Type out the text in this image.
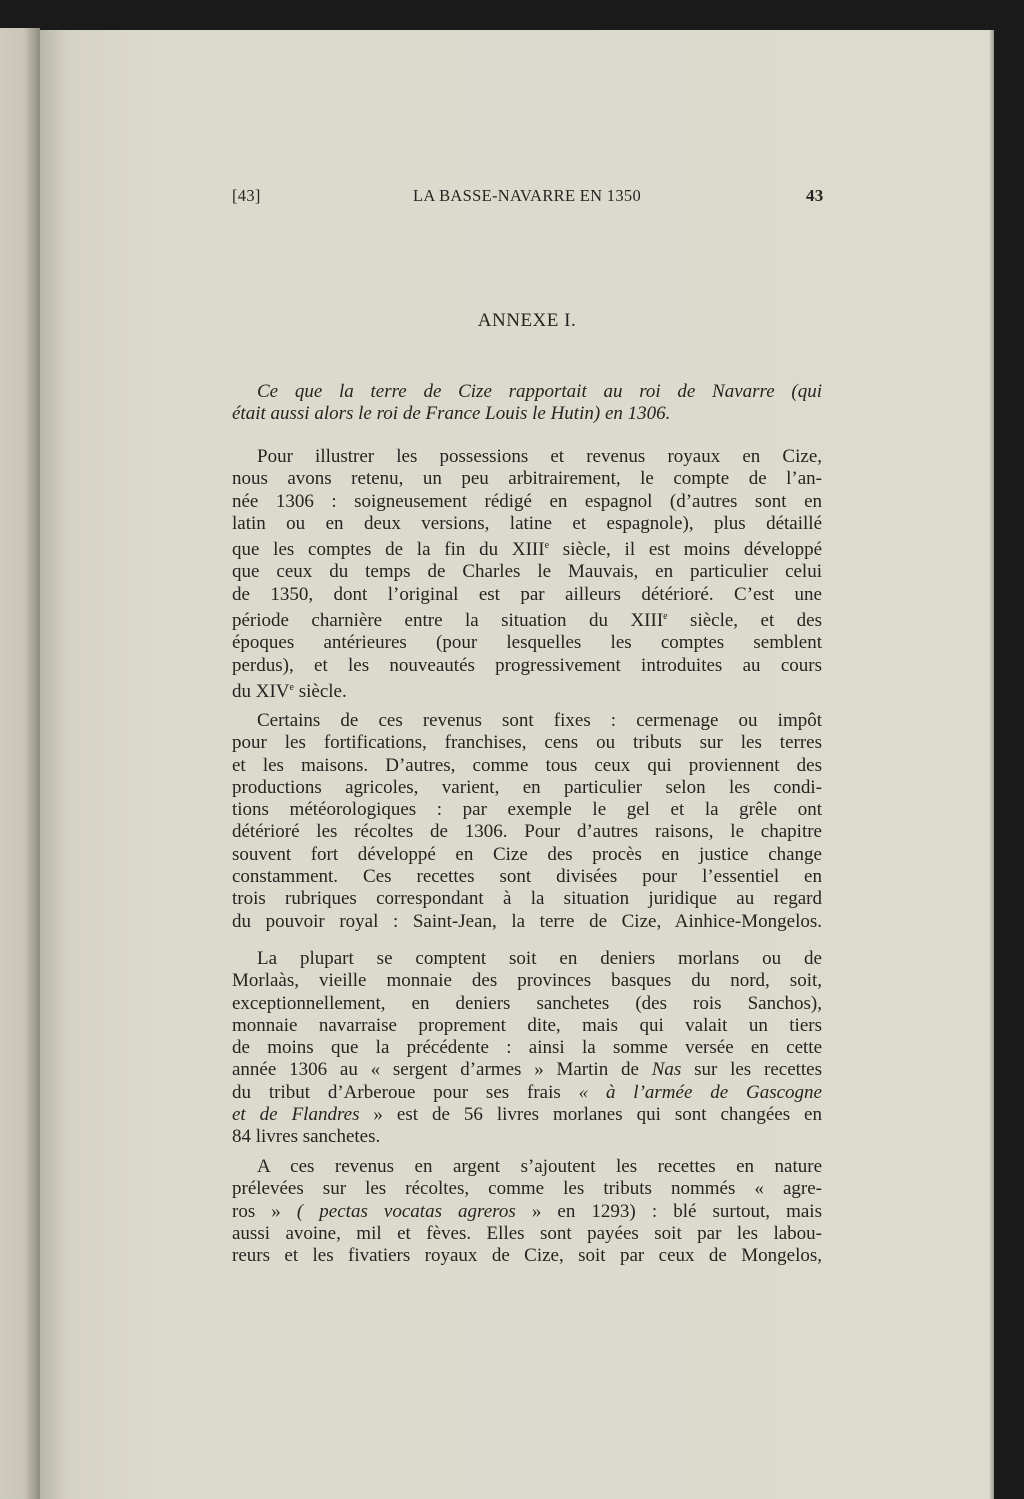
[43]	LA BASSE-NAVARRE EN 1350	43
ANNEXE I.
Ce que la terre de Cize rapportait au roi de Navarre (qui
était aussi alors le roi de France Louis le Hutin) en 1306.
Pour illustrer les possessions et revenus royaux en Cize,
nous avons retenu, un peu arbitrairement, le compte de l’an-
née 1306 : soigneusement rédigé en espagnol (d’autres sont en
latin ou en deux versions, latine et espagnole), plus détaillé
que les comptes de la fin du XIIIe siècle, il est moins développé
que ceux du temps de Charles le Mauvais, en particulier celui
de 1350, dont l’original est par ailleurs détérioré. C’est une
période charnière entre la situation du XIIIe siècle, et des
époques antérieures (pour lesquelles les comptes semblent
perdus), et les nouveautés progressivement introduites au cours
du XIVe siècle.
Certains de ces revenus sont fixes : cermenage ou impôt
pour les fortifications, franchises, cens ou tributs sur les terres
et les maisons. D’autres, comme tous ceux qui proviennent des
productions agricoles, varient, en particulier selon les condi-
tions météorologiques : par exemple le gel et la grêle ont
détérioré les récoltes de 1306. Pour d’autres raisons, le chapitre
souvent fort développé en Cize des procès en justice change
constamment. Ces recettes sont divisées pour l’essentiel en
trois rubriques correspondant à la situation juridique au regard
du pouvoir royal : Saint-Jean, la terre de Cize, Ainhice-Mongelos.
La plupart se comptent soit en deniers morlans ou de
Morlaàs, vieille monnaie des provinces basques du nord, soit,
exceptionnellement, en deniers sanchetes (des rois Sanchos),
monnaie navarraise proprement dite, mais qui valait un tiers
de moins que la précédente : ainsi la somme versée en cette
année 1306 au « sergent d’armes » Martin de Nas sur les recettes
du tribut d’Arberoue pour ses frais « à l’armée de Gascogne
et de Flandres » est de 56 livres morlanes qui sont changées en
84 livres sanchetes.
A ces revenus en argent s’ajoutent les recettes en nature
prélevées sur les récoltes, comme les tributs nommés « agre-
ros » ( pectas vocatas agreros » en 1293) : blé surtout, mais
aussi avoine, mil et fèves. Elles sont payées soit par les labou-
reurs et les fivatiers royaux de Cize, soit par ceux de Mongelos,
